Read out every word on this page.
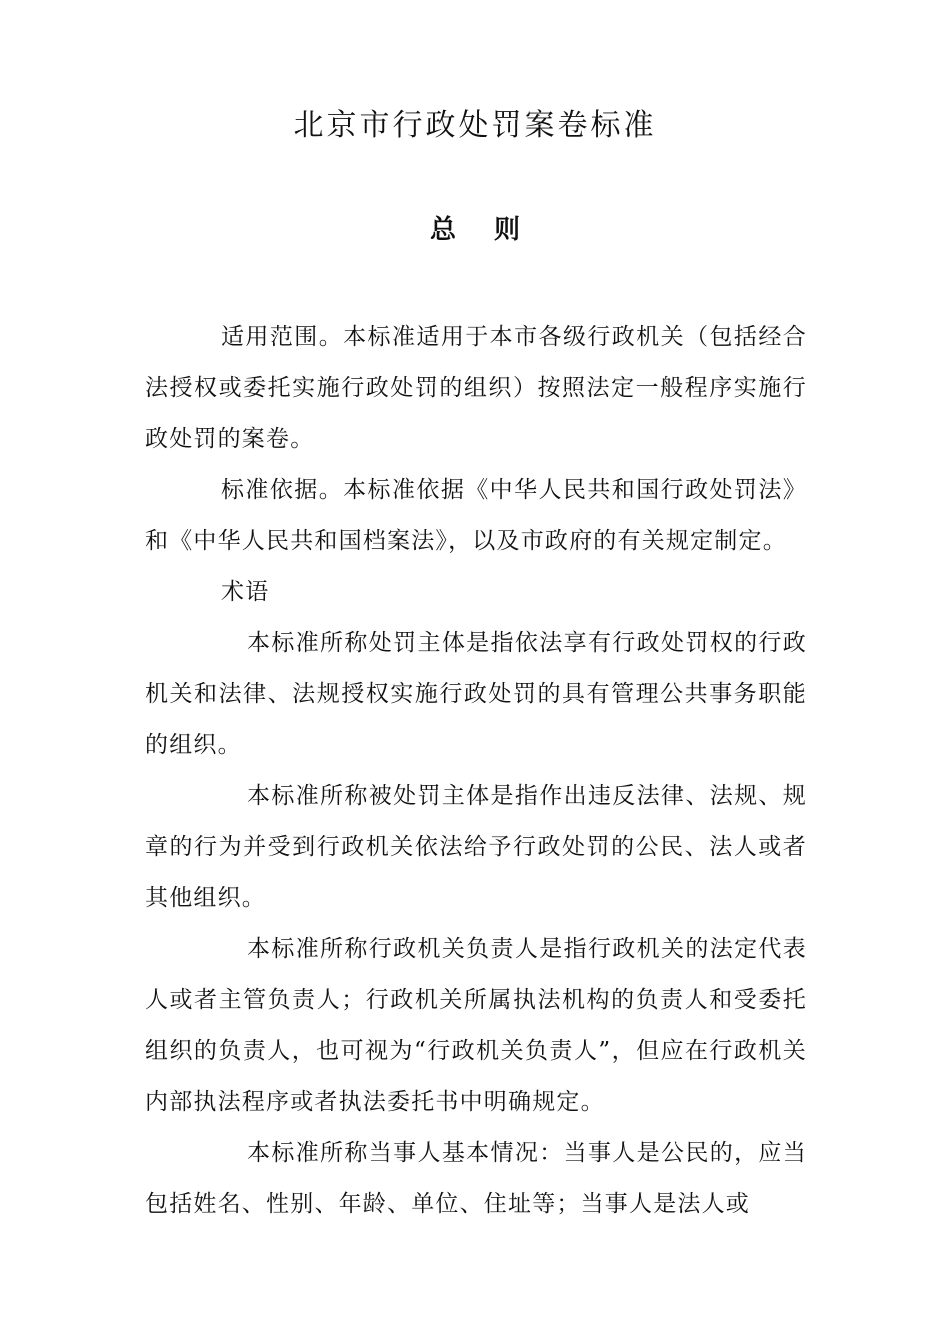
北京市行政处罚案卷标准
总 则

适用范围。本标准适用于本市各级行政机关（包括经合法授权或委托实施行政处罚的组织）按照法定一般程序实施行政处罚的案卷。

标准依据。本标准依据《中华人民共和国行政处罚法》和《中华人民共和国档案法》，以及市政府的有关规定制定。

术语

本标准所称处罚主体是指依法享有行政处罚权的行政机关和法律、法规授权实施行政处罚的具有管理公共事务职能的组织。

本标准所称被处罚主体是指作出违反法律、法规、规章的行为并受到行政机关依法给予行政处罚的公民、法人或者其他组织。

本标准所称行政机关负责人是指行政机关的法定代表人或者主管负责人；行政机关所属执法机构的负责人和受委托组织的负责人，也可视为“行政机关负责人”，但应在行政机关内部执法程序或者执法委托书中明确规定。

本标准所称当事人基本情况：当事人是公民的，应当包括姓名、性别、年龄、单位、住址等；当事人是法人或
